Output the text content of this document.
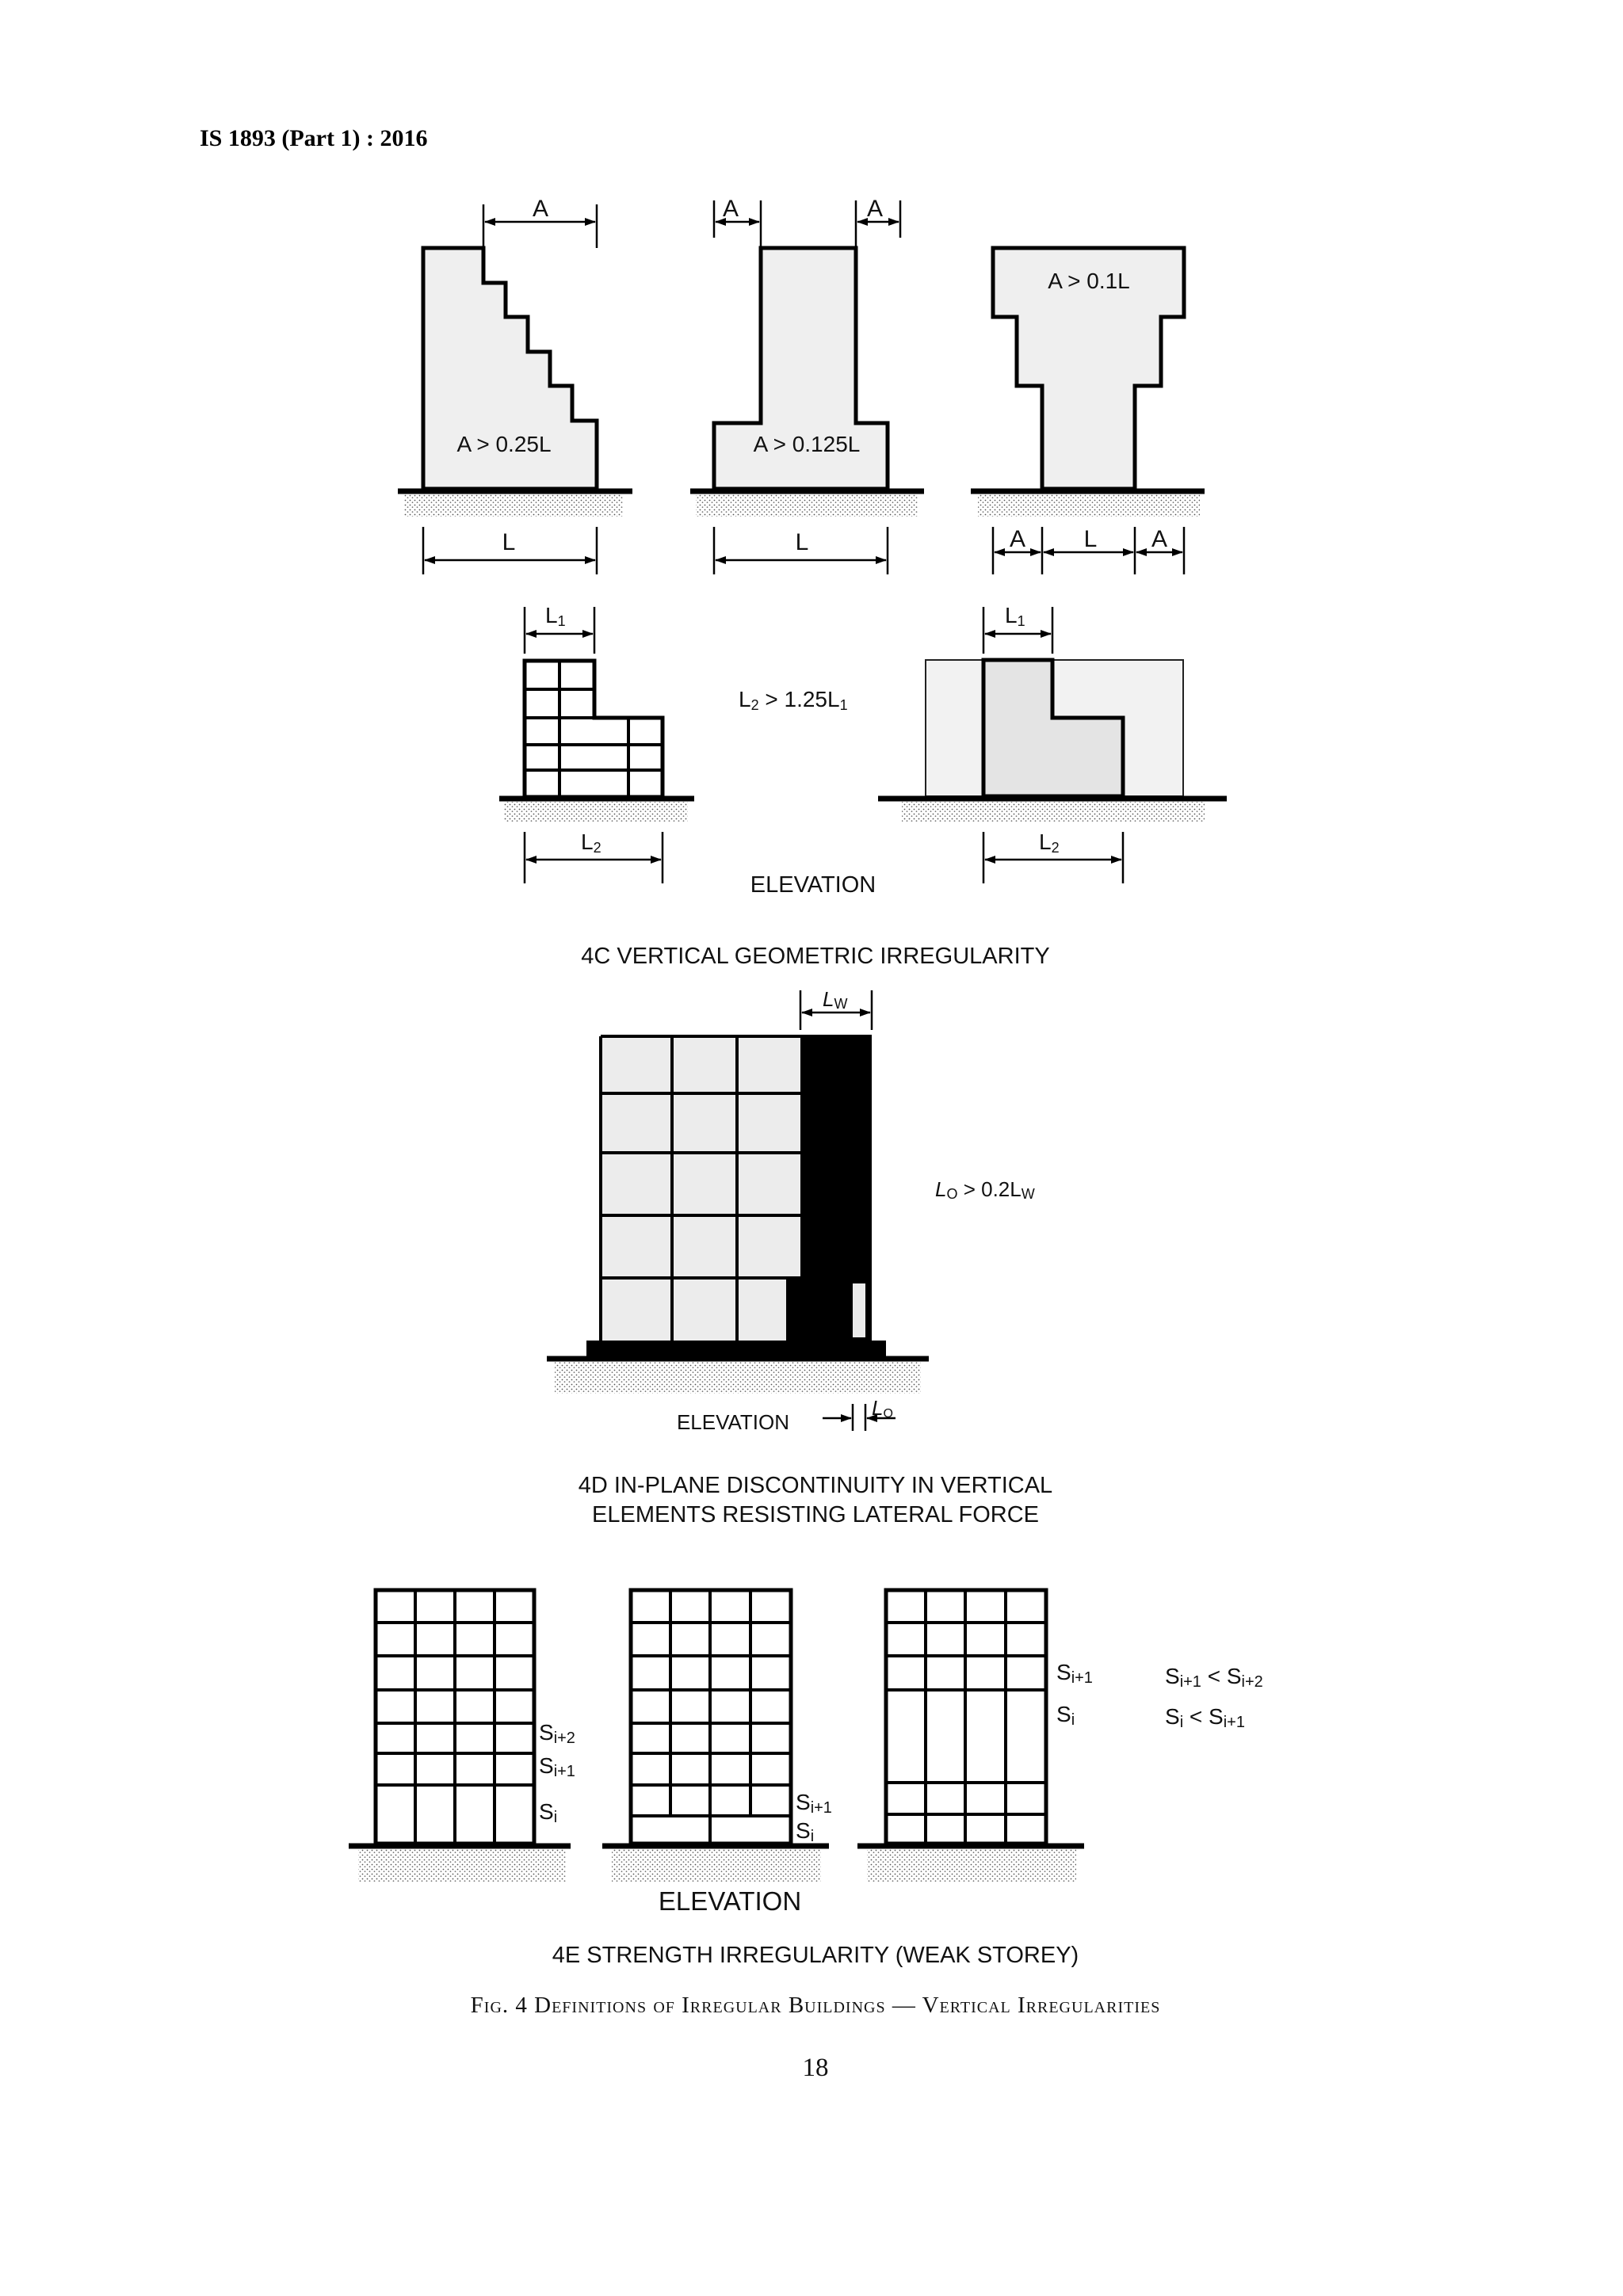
IS 1893 (Part 1) : 2016
A
A > 0.25L
L
A	A
A > 0.125L
L
A > 0.1L
A L A
L1
L2
L2 > 1.25L1
L1
L2
ELEVATION
4C VERTICAL GEOMETRIC IRREGULARITY
LW
LO > 0.2LW
ELEVATION
LO
4D IN-PLANE DISCONTINUITY IN VERTICAL
ELEMENTS RESISTING LATERAL FORCE
Si+2
Si+1
Si
Si+1
Si
Si+1
Si
Si+1 < Si+2
Si < Si+1
ELEVATION
4E STRENGTH IRREGULARITY (WEAK STOREY)
Fig. 4 Definitions of Irregular Buildings — Vertical Irregularities
18
